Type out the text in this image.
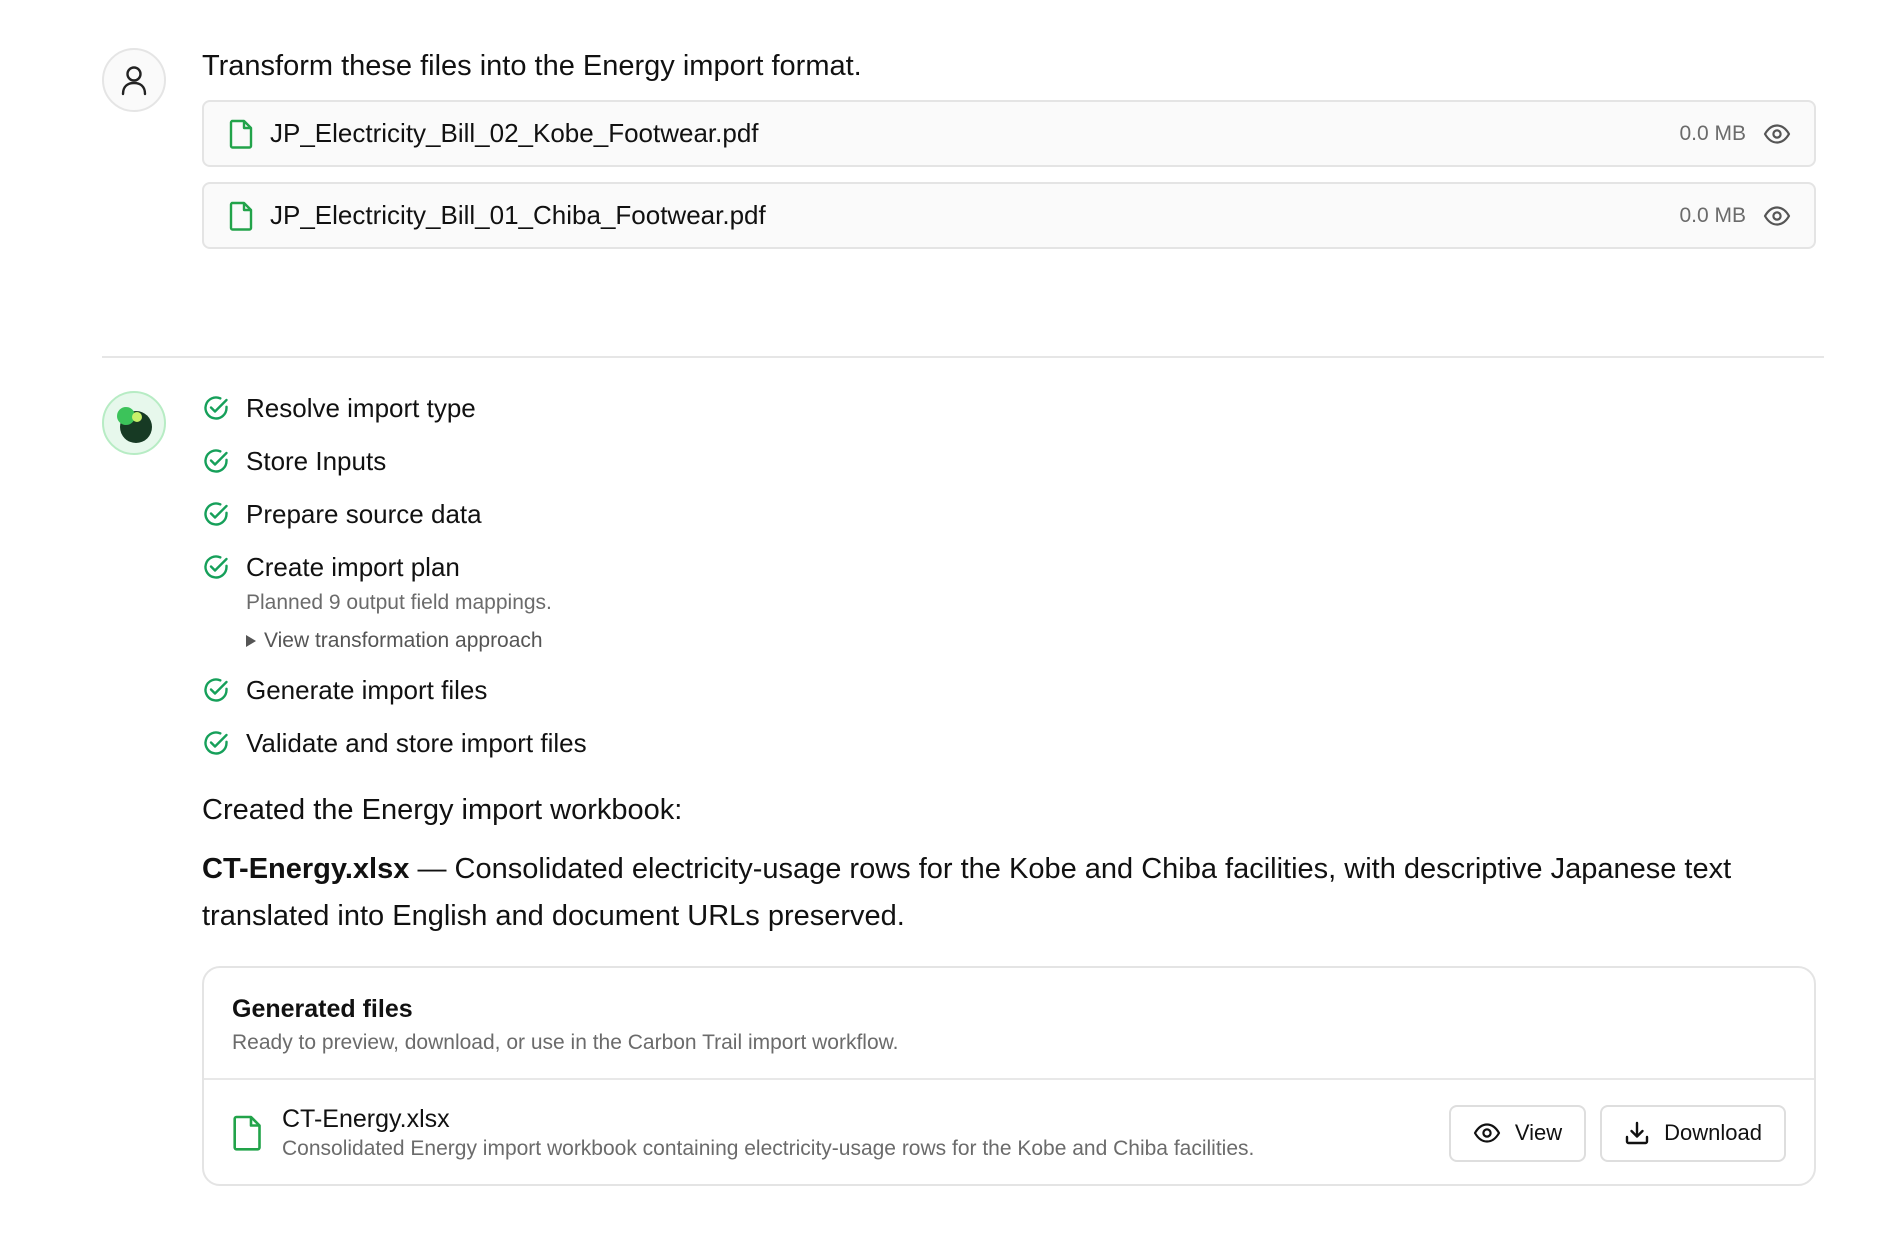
Transform these files into the Energy import format.
JP_Electricity_Bill_02_Kobe_Footwear.pdf	0.0 MB
JP_Electricity_Bill_01_Chiba_Footwear.pdf	0.0 MB
Resolve import type
Store Inputs
Prepare source data
Create import plan
Planned 9 output field mappings.
View transformation approach
Generate import files
Validate and store import files
Created the Energy import workbook:
CT-Energy.xlsx — Consolidated electricity-usage rows for the Kobe and Chiba facilities, with descriptive Japanese text translated into English and document URLs preserved.
Generated files
Ready to preview, download, or use in the Carbon Trail import workflow.
CT-Energy.xlsx
Consolidated Energy import workbook containing electricity-usage rows for the Kobe and Chiba facilities.
View	Download
